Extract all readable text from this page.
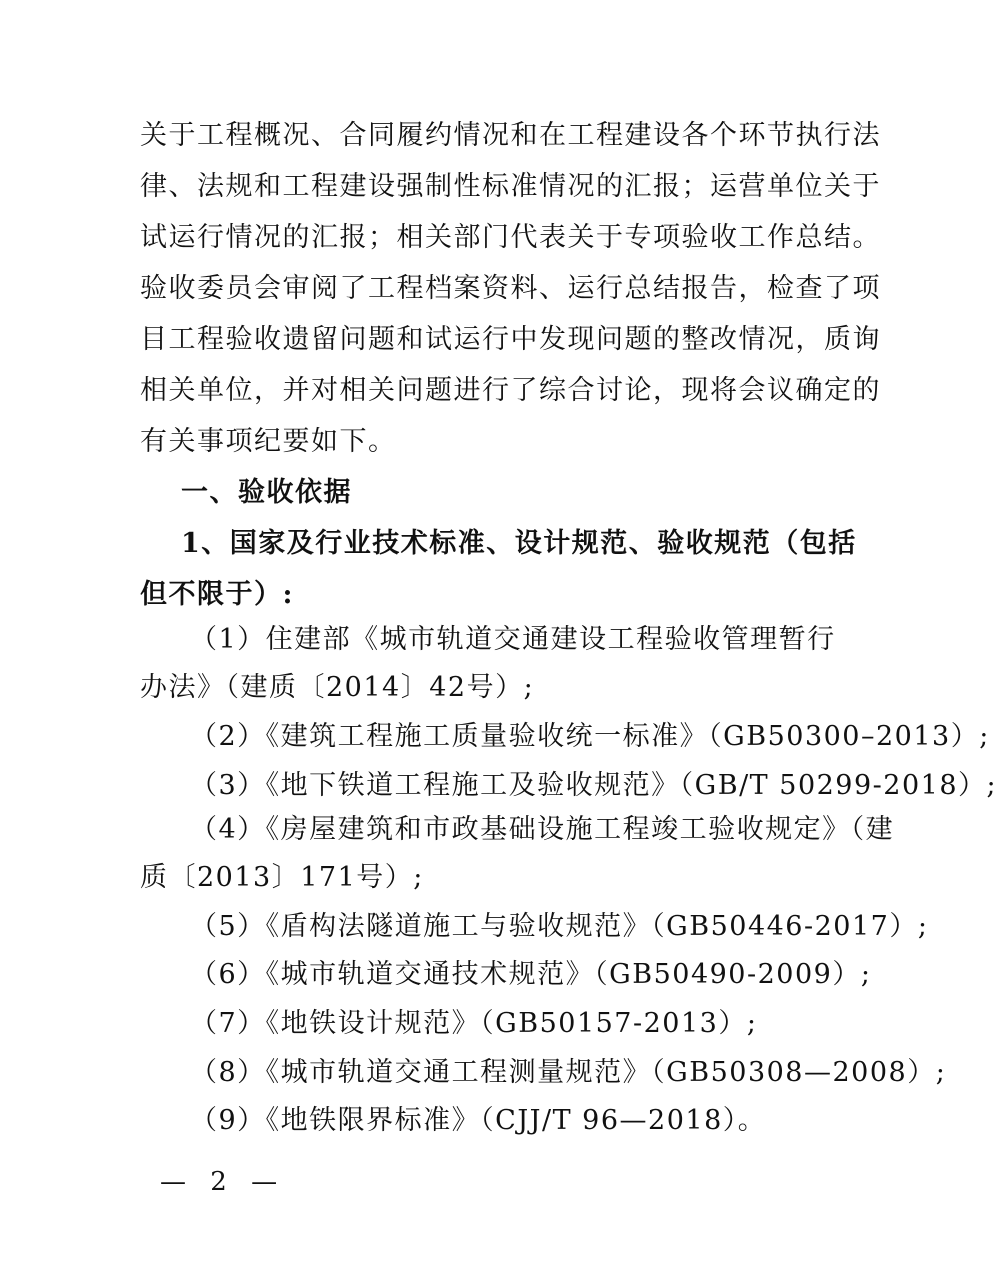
关于工程概况、合同履约情况和在工程建设各个环节执行法
律、法规和工程建设强制性标准情况的汇报；运营单位关于
试运行情况的汇报；相关部门代表关于专项验收工作总结。
验收委员会审阅了工程档案资料、运行总结报告，检查了项
目工程验收遗留问题和试运行中发现问题的整改情况，质询
相关单位，并对相关问题进行了综合讨论，现将会议确定的
有关事项纪要如下。
一、验收依据
1、国家及行业技术标准、设计规范、验收规范（包括
但不限于）:
（1）住建部《城市轨道交通建设工程验收管理暂行
办法》（建质〔2014〕42号）;
（2）《建筑工程施工质量验收统一标准》（GB50300–2013）;
（3）《地下铁道工程施工及验收规范》（GB/T 50299-2018）;
（4）《房屋建筑和市政基础设施工程竣工验收规定》（建
质〔2013〕171号）;
（5）《盾构法隧道施工与验收规范》（GB50446-2017）;
（6）《城市轨道交通技术规范》（GB50490-2009）;
（7）《地铁设计规范》（GB50157-2013）;
（8）《城市轨道交通工程测量规范》（GB50308—2008）;
（9）《地铁限界标准》（CJJ/T 96—2018）。
— 2 —
